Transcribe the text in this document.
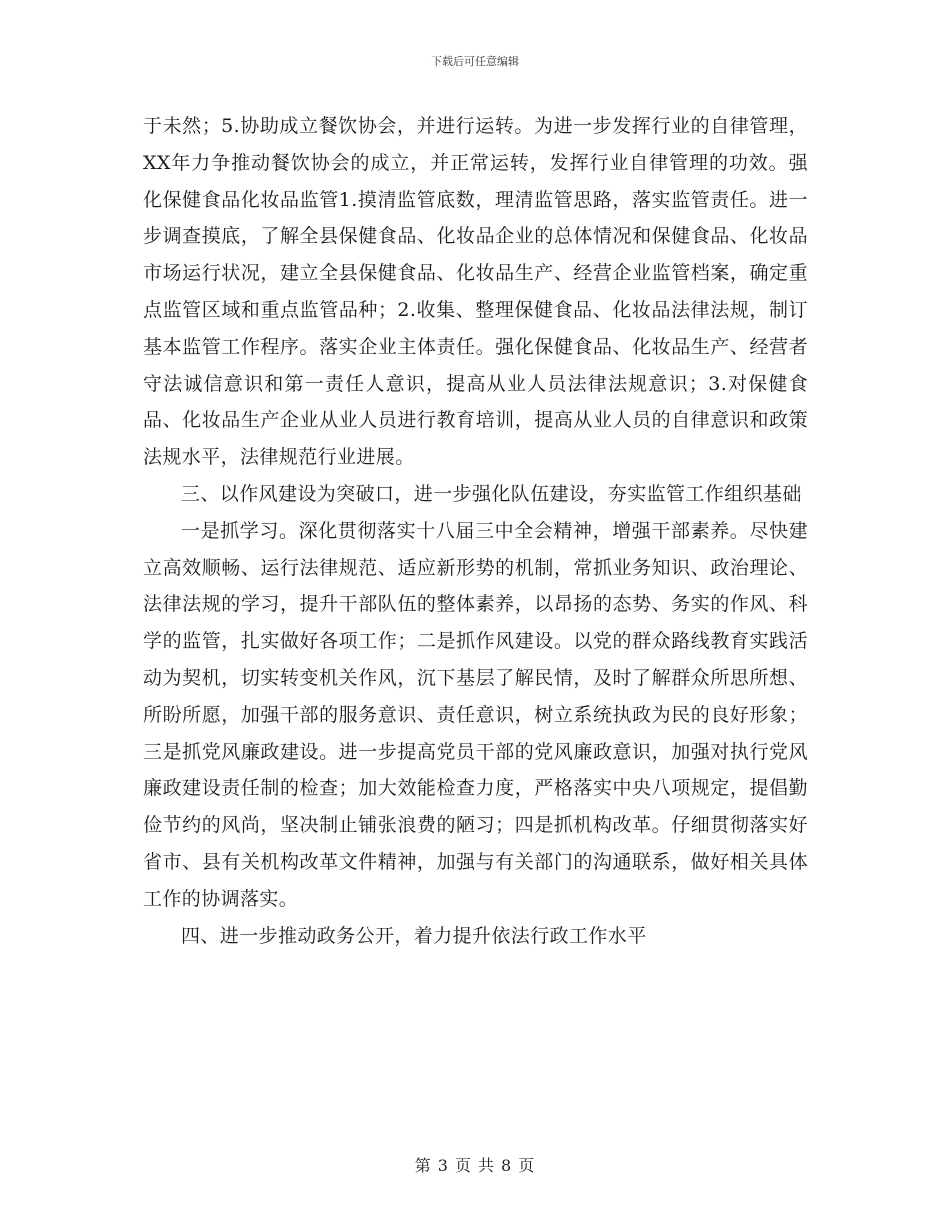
下载后可任意编辑

于未然；5.协助成立餐饮协会，并进行运转。为进一步发挥行业的自律管理，XX年力争推动餐饮协会的成立，并正常运转，发挥行业自律管理的功效。强化保健食品化妆品监管1.摸清监管底数，理清监管思路，落实监管责任。进一步调查摸底，了解全县保健食品、化妆品企业的总体情况和保健食品、化妆品市场运行状况，建立全县保健食品、化妆品生产、经营企业监管档案，确定重点监管区域和重点监管品种；2.收集、整理保健食品、化妆品法律法规，制订基本监管工作程序。落实企业主体责任。强化保健食品、化妆品生产、经营者守法诚信意识和第一责任人意识，提高从业人员法律法规意识；3.对保健食品、化妆品生产企业从业人员进行教育培训，提高从业人员的自律意识和政策法规水平，法律规范行业进展。

三、以作风建设为突破口，进一步强化队伍建设，夯实监管工作组织基础

一是抓学习。深化贯彻落实十八届三中全会精神，增强干部素养。尽快建立高效顺畅、运行法律规范、适应新形势的机制，常抓业务知识、政治理论、法律法规的学习，提升干部队伍的整体素养，以昂扬的态势、务实的作风、科学的监管，扎实做好各项工作；二是抓作风建设。以党的群众路线教育实践活动为契机，切实转变机关作风，沉下基层了解民情，及时了解群众所思所想、所盼所愿，加强干部的服务意识、责任意识，树立系统执政为民的良好形象；三是抓党风廉政建设。进一步提高党员干部的党风廉政意识，加强对执行党风廉政建设责任制的检查；加大效能检查力度，严格落实中央八项规定，提倡勤俭节约的风尚，坚决制止铺张浪费的陋习；四是抓机构改革。仔细贯彻落实好省市、县有关机构改革文件精神，加强与有关部门的沟通联系，做好相关具体工作的协调落实。

四、进一步推动政务公开，着力提升依法行政工作水平

第 3 页 共 8 页
